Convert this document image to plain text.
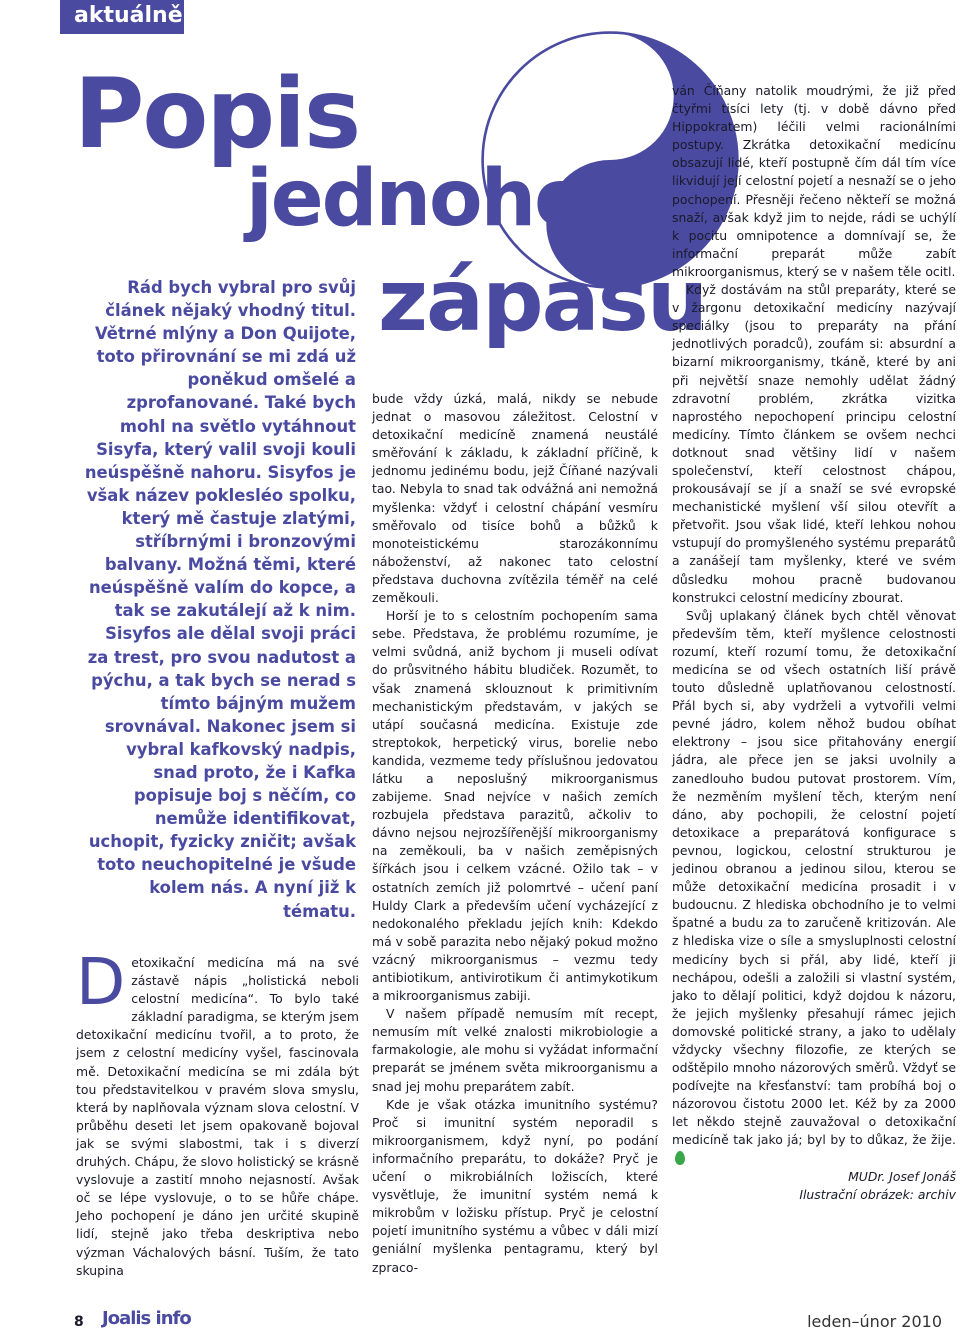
aktuálně
Popis
jednoho
zápasu
Rád bych vybral pro svůj článek nějaký vhodný titul. Větrné mlýny a Don Quijote, toto přirovnání se mi zdá už poněkud omšelé a zprofanované. Také bych mohl na světlo vytáhnout Sisyfa, který valil svoji kouli neúspěšně nahoru. Sisyfos je však název poklesléo spolku, který mě častuje zlatými, stříbrnými i bronzovými balvany. Možná těmi, které neúspěšně valím do kopce, a tak se zakutálejí až k nim. Sisyfos ale dělal svoji práci za trest, pro svou nadutost a pýchu, a tak bych se nerad s tímto bájným mužem srovnával. Nakonec jsem si vybral kafkovský nadpis, snad proto, že i Kafka popisuje boj s něčím, co nemůže identifikovat, uchopit, fyzicky zničit; avšak toto neuchopitelné je všude kolem nás. A nyní již k tématu.

Detoxikační medicína má na své zástavě nápis „holistická neboli celostní medicína“. To bylo také základní paradigma, se kterým jsem detoxikační medicínu tvořil, a to proto, že jsem z celostní medicíny vyšel, fascinovala mě. Detoxikační medicína se mi zdála být tou představitelkou v pravém slova smyslu, která by naplňovala význam slova celostní. V průběhu deseti let jsem opakovaně bojoval jak se svými slabostmi, tak i s diverzí druhých. Chápu, že slovo holistický se krásně vyslovuje a zastití mnoho nejasností. Avšak oč se lépe vyslovuje, o to se hůře chápe. Jeho pochopení je dáno jen určité skupině lidí, stejně jako třeba deskriptiva nebo výzman Váchalových básní. Tuším, že tato skupina

bude vždy úzká, malá, nikdy se nebude jednat o masovou záležitost. Celostní v detoxikační medicíně znamená neustálé směřování k základu, k základní příčině, k jednomu jedinému bodu, jejž Číňané nazývali tao. Nebyla to snad tak odvážná ani nemožná myšlenka: vždyť i celostní chápání vesmíru směřovalo od tisíce bohů a bůžků k monoteistickému starozákonnímu náboženství, až nakonec tato celostní představa duchovna zvítězila téměř na celé zeměkouli.

Horší je to s celostním pochopením sama sebe. Představa, že problému rozumíme, je velmi svůdná, aniž bychom ji museli odívat do průsvitného hábitu bludiček. Rozumět, to však znamená sklouznout k primitivním mechanistickým představám, v jakých se utápí současná medicína. Existuje zde streptokok, herpetický virus, borelie nebo kandida, vezmeme tedy příslušnou jedovatou látku a neposlušný mikroorganismus zabijeme. Snad nejvíce v našich zemích rozbujela představa parazitů, ačkoliv to dávno nejsou nejrozšířenější mikroorganismy na zeměkouli, ba v našich zeměpisných šířkách jsou i celkem vzácné. Ožilo tak – v ostatních zemích již polomrtvé – učení paní Huldy Clark a především učení vycházející z nedokonalého překladu jejích knih: Kdekdo má v sobě parazita nebo nějaký pokud možno vzácný mikroorganismus – vezmu tedy antibiotikum, antivirotikum či antimykotikum a mikroorganismus zabiji.

V našem případě nemusím mít recept, nemusím mít velké znalosti mikrobiologie a farmakologie, ale mohu si vyžádat informační preparát se jménem světa mikroorganismu a snad jej mohu preparátem zabít.

Kde je však otázka imunitního systému? Proč si imunitní systém neporadil s mikroorganismem, když nyní, po podání informačního preparátu, to dokáže? Pryč je učení o mikrobiálních ložiscích, které vysvětluje, že imunitní systém nemá k mikrobům v ložisku přístup. Pryč je celostní pojetí imunitního systému a vůbec v dáli mizí geniální myšlenka pentagramu, který byl zpraco-

ván Číňany natolik moudrými, že již před čtyřmi tisíci lety (tj. v době dávno před Hippokratem) léčili velmi racionálními postupy. Zkrátka detoxikační medicínu obsazují lidé, kteří postupně čím dál tím více likvidují její celostní pojetí a nesnaží se o jeho pochopení. Přesněji řečeno někteří se možná snaží, avšak když jim to nejde, rádi se uchýlí k pocitu omnipotence a domnívají se, že informační preparát může zabít mikroorganismus, který se v našem těle ocitl.

Když dostávám na stůl preparáty, které se v žargonu detoxikační medicíny nazývají speciálky (jsou to preparáty na přání jednotlivých poradců), zoufám si: absurdní a bizarní mikroorganismy, tkáně, které by ani při největší snaze nemohly udělat žádný zdravotní problém, zkrátka vizitka naprostého nepochopení principu celostní medicíny. Tímto článkem se ovšem nechci dotknout snad většiny lidí v našem společenství, kteří celostnost chápou, prokousávají se jí a snaží se své evropské mechanistické myšlení vší silou otevřít a přetvořit. Jsou však lidé, kteří lehkou nohou vstupují do promyšleného systému preparátů a zanášejí tam myšlenky, které ve svém důsledku mohou pracně budovanou konstrukci celostní medicíny zbourat.

Svůj uplakaný článek bych chtěl věnovat především těm, kteří myšlence celostnosti rozumí, kteří rozumí tomu, že detoxikační medicína se od všech ostatních liší právě touto důsledně uplatňovanou celostností. Přál bych si, aby vydrželi a vytvořili velmi pevné jádro, kolem něhož budou obíhat elektrony – jsou sice přitahovány energií jádra, ale přece jen se jaksi uvolnily a zanedlouho budou putovat prostorem. Vím, že nezměním myšlení těch, kterým není dáno, aby pochopili, že celostní pojetí detoxikace a preparátová konfigurace s pevnou, logickou, celostní strukturou je jedinou obranou a jedinou silou, kterou se může detoxikační medicína prosadit i v budoucnu. Z hlediska obchodního je to velmi špatné a budu za to zaručeně kritizován. Ale z hlediska vize o síle a smysluplnosti celostní medicíny bych si přál, aby lidé, kteří ji nechápou, odešli a založili si vlastní systém, jako to dělají politici, když dojdou k názoru, že jejich myšlenky přesahují rámec jejich domovské politické strany, a jako to udělaly vždycky všechny filozofie, ze kterých se odštěpilo mnoho názorových směrů. Vždyť se podívejte na křesťanství: tam probíhá boj o názorovou čistotu 2000 let. Kéž by za 2000 let někdo stejně zauvažoval o detoxikační medicíně tak jako já; byl by to důkaz, že žije.

MUDr. Josef Jonáš

Ilustrační obrázek: archiv

8 Joalis info	leden–únor 2010
